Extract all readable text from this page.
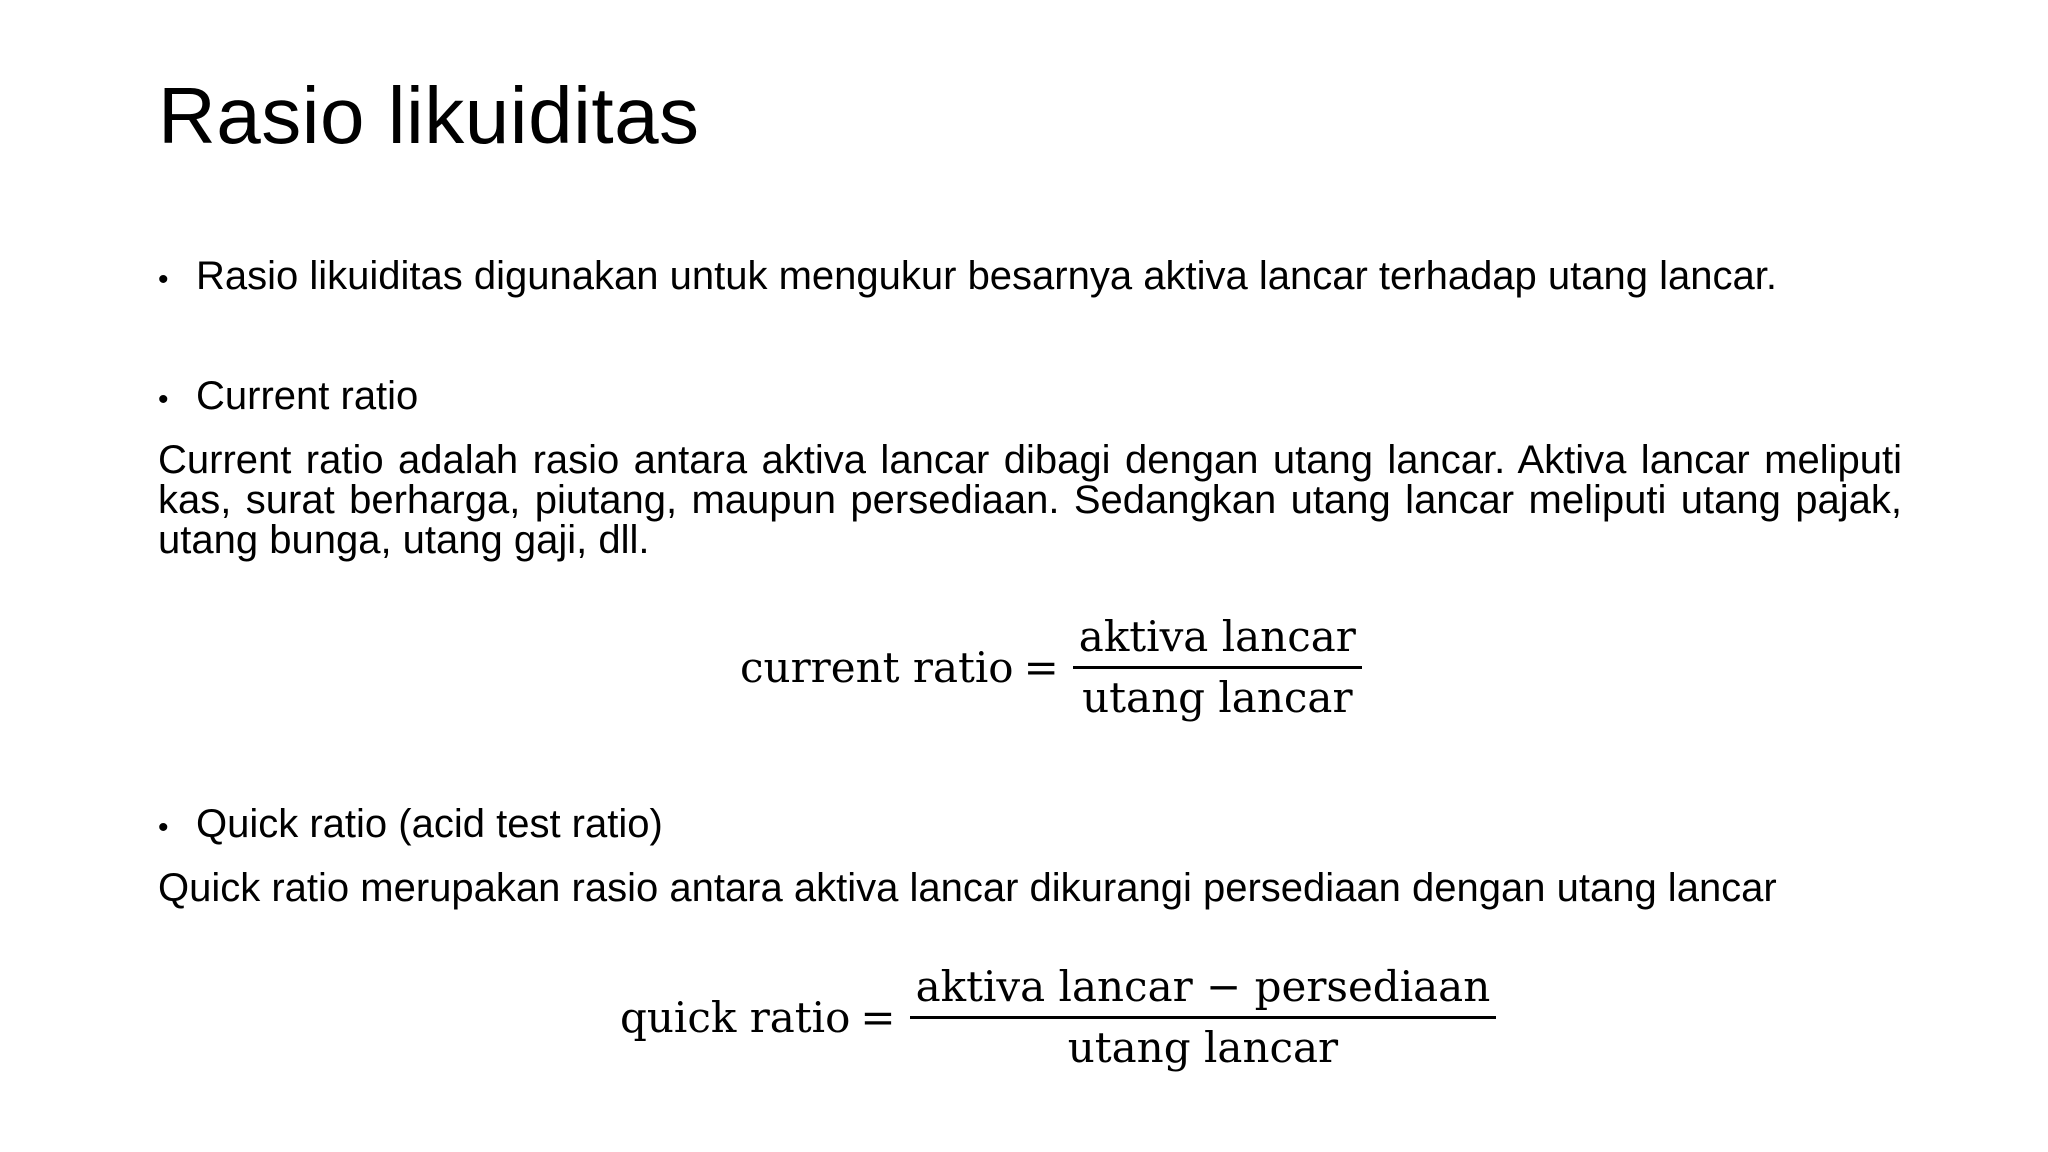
Rasio likuiditas
• Rasio likuiditas digunakan untuk mengukur besarnya aktiva lancar terhadap utang lancar.
• Current ratio
Current ratio adalah rasio antara aktiva lancar dibagi dengan utang lancar. Aktiva lancar meliputi kas, surat berharga, piutang, maupun persediaan. Sedangkan utang lancar meliputi utang pajak, utang bunga, utang gaji, dll.
current ratio = $\frac{\text{aktiva lancar}}{\text{utang lancar}}$
• Quick ratio (acid test ratio)
Quick ratio merupakan rasio antara aktiva lancar dikurangi persediaan dengan utang lancar
quick ratio = $\frac{\text{aktiva lancar − persediaan}}{\text{utang lancar}}$
